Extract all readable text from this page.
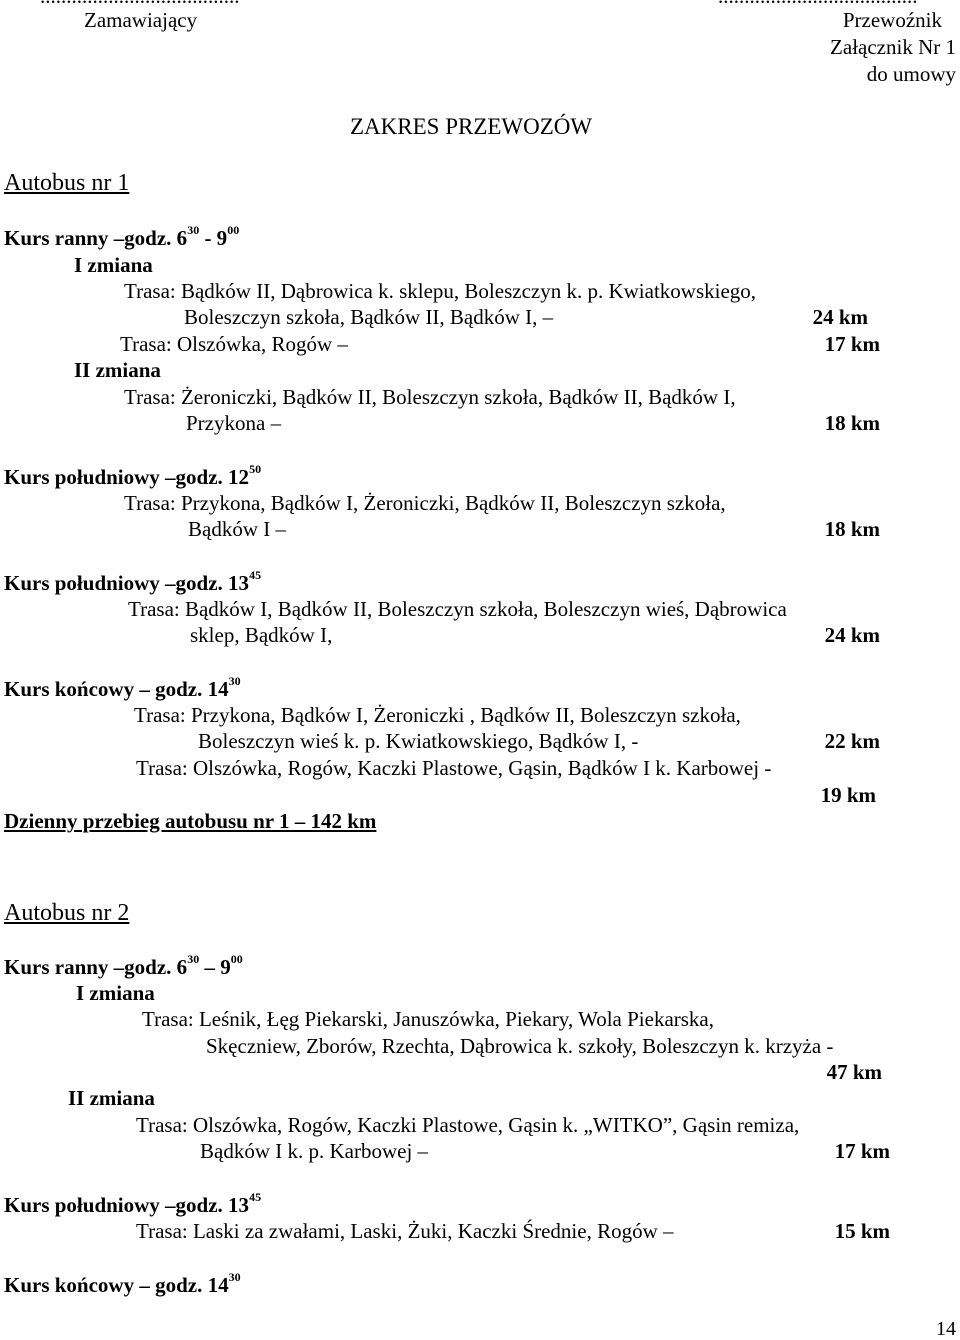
Zamawiający	Przewoźnik
Załącznik Nr 1
do umowy
ZAKRES PRZEWOZÓW
Autobus nr 1
Kurs ranny –godz. $6^{30} - 9^{00}$
I zmiana
Trasa: Bądków II, Dąbrowica k. sklepu, Boleszczyn k. p. Kwiatkowskiego,
Boleszczyn szkoła, Bądków II, Bądków I, –	24 km
Trasa: Olszówka, Rogów –	17 km
II zmiana
Trasa: Żeroniczki, Bądków II, Boleszczyn szkoła, Bądków II, Bądków I,
Przykona –	18 km
Kurs południowy –godz. $12^{50}$
Trasa: Przykona, Bądków I, Żeroniczki, Bądków II, Boleszczyn szkoła,
Bądków I –	18 km
Kurs południowy –godz. $13^{45}$
Trasa: Bądków I, Bądków II, Boleszczyn szkoła, Boleszczyn wieś, Dąbrowica
sklep, Bądków I,	24 km
Kurs końcowy – godz. $14^{30}$
Trasa: Przykona, Bądków I, Żeroniczki , Bądków II, Boleszczyn szkoła,
Boleszczyn wieś k. p. Kwiatkowskiego, Bądków I, -	22 km
Trasa: Olszówka, Rogów, Kaczki Plastowe, Gąsin, Bądków I k. Karbowej -
19 km
Dzienny przebieg autobusu nr 1 – 142 km
Autobus nr 2
Kurs ranny –godz. $6^{30} - 9^{00}$
I zmiana
Trasa: Leśnik, Łęg Piekarski, Januszówka, Piekary, Wola Piekarska,
Skęczniew, Zborów, Rzechta, Dąbrowica k. szkoły, Boleszczyn k. krzyża -
47 km
II zmiana
Trasa: Olszówka, Rogów, Kaczki Plastowe, Gąsin k. „WITKO”, Gąsin remiza,
Bądków I k. p. Karbowej –	17 km
Kurs południowy –godz. $13^{45}$
Trasa: Laski za zwałami, Laski, Żuki, Kaczki Średnie, Rogów –	15 km
Kurs końcowy – godz. $14^{30}$
14
